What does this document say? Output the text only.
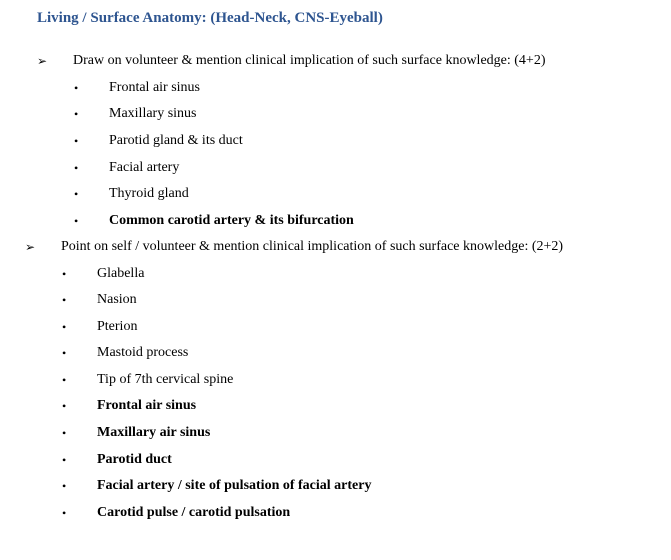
Living / Surface Anatomy: (Head-Neck, CNS-Eyeball)
➢ Draw on volunteer & mention clinical implication of such surface knowledge: (4+2)
• Frontal air sinus
• Maxillary sinus
• Parotid gland & its duct
• Facial artery
• Thyroid gland
• Common carotid artery & its bifurcation
➢ Point on self / volunteer & mention clinical implication of such surface knowledge: (2+2)
• Glabella
• Nasion
• Pterion
• Mastoid process
• Tip of 7th cervical spine
• Frontal air sinus
• Maxillary air sinus
• Parotid duct
• Facial artery / site of pulsation of facial artery
• Carotid pulse / carotid pulsation
